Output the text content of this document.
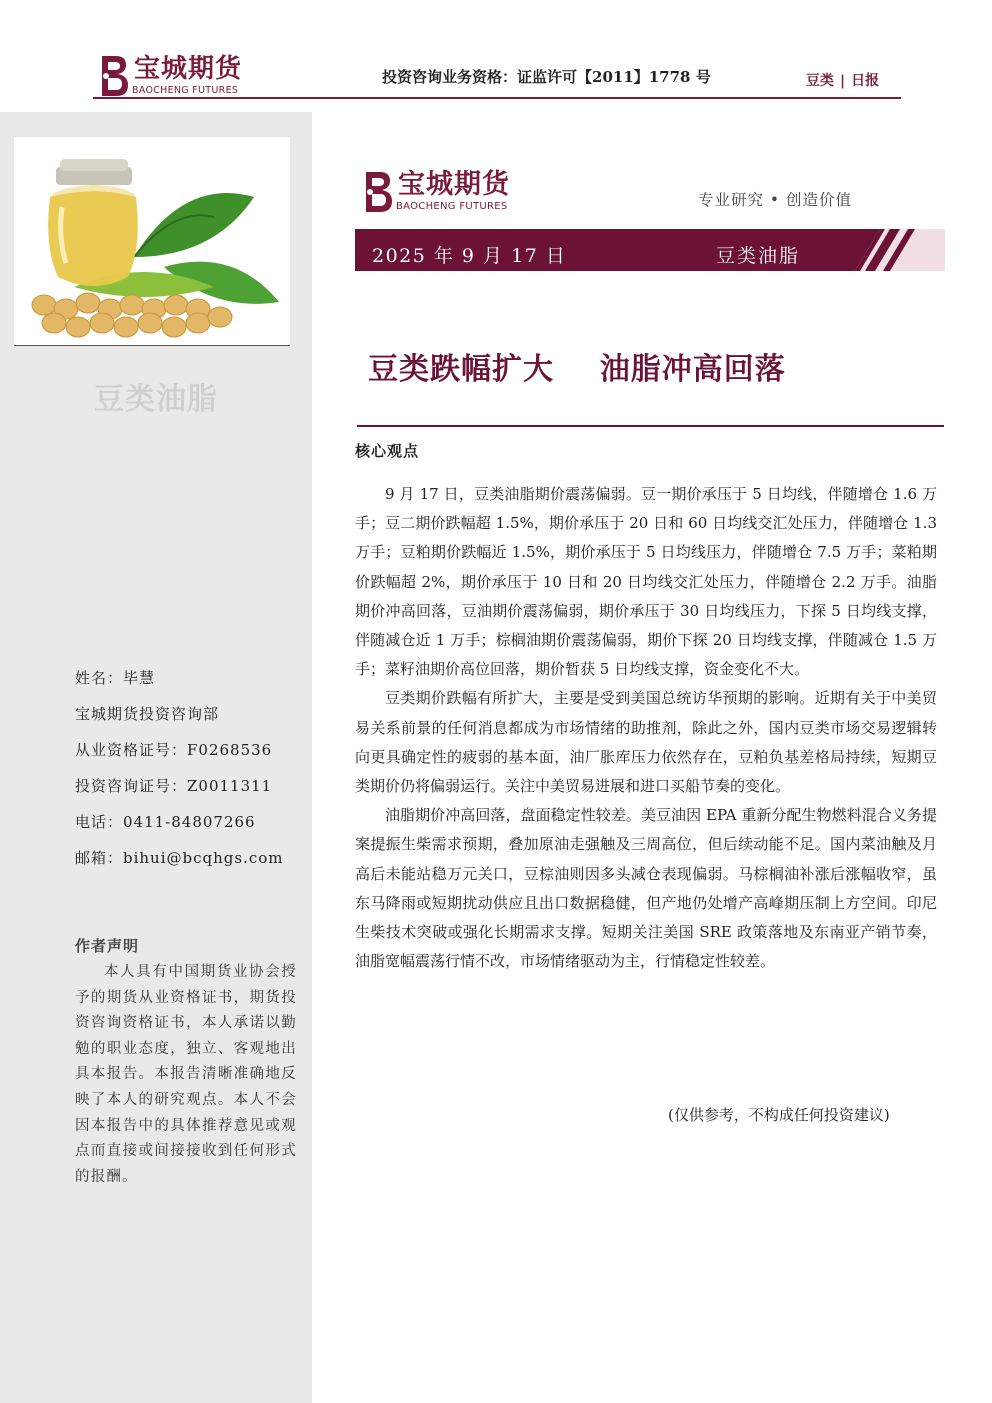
宝城期货
BAOCHENG FUTURES
投资咨询业务资格：证监许可【2011】1778 号	豆类 | 日报
豆类油脂
姓名：毕慧
宝城期货投资咨询部
从业资格证号：F0268536
投资咨询证号：Z0011311
电话：0411-84807266
邮箱：bihui@bcqhgs.com
作者声明
本人具有中国期货业协会授予的期货从业资格证书，期货投资咨询资格证书，本人承诺以勤勉的职业态度，独立、客观地出具本报告。本报告清晰准确地反映了本人的研究观点。本人不会因本报告中的具体推荐意见或观点而直接或间接接收到任何形式的报酬。
宝城期货
BAOCHENG FUTURES	专业研究 • 创造价值
2025 年 9 月 17 日	豆类油脂
豆类跌幅扩大    油脂冲高回落
核心观点

9 月 17 日，豆类油脂期价震荡偏弱。豆一期价承压于 5 日均线，伴随增仓 1.6 万手；豆二期价跌幅超 1.5%，期价承压于 20 日和 60 日均线交汇处压力，伴随增仓 1.3 万手；豆粕期价跌幅近 1.5%，期价承压于 5 日均线压力，伴随增仓 7.5 万手；菜粕期价跌幅超 2%，期价承压于 10 日和 20 日均线交汇处压力，伴随增仓 2.2 万手。油脂期价冲高回落，豆油期价震荡偏弱，期价承压于 30 日均线压力，下探 5 日均线支撑，伴随减仓近 1 万手；棕榈油期价震荡偏弱，期价下探 20 日均线支撑，伴随减仓 1.5 万手；菜籽油期价高位回落，期价暂获 5 日均线支撑，资金变化不大。

豆类期价跌幅有所扩大，主要是受到美国总统访华预期的影响。近期有关于中美贸易关系前景的任何消息都成为市场情绪的助推剂，除此之外，国内豆类市场交易逻辑转向更具确定性的疲弱的基本面，油厂胀库压力依然存在，豆粕负基差格局持续，短期豆类期价仍将偏弱运行。关注中美贸易进展和进口买船节奏的变化。

油脂期价冲高回落，盘面稳定性较差。美豆油因 EPA 重新分配生物燃料混合义务提案提振生柴需求预期，叠加原油走强触及三周高位，但后续动能不足。国内菜油触及月高后未能站稳万元关口，豆棕油则因多头减仓表现偏弱。马棕榈油补涨后涨幅收窄，虽东马降雨或短期扰动供应且出口数据稳健，但产地仍处增产高峰期压制上方空间。印尼生柴技术突破或强化长期需求支撑。短期关注美国 SRE 政策落地及东南亚产销节奏，油脂宽幅震荡行情不改，市场情绪驱动为主，行情稳定性较差。

(仅供参考，不构成任何投资建议)
